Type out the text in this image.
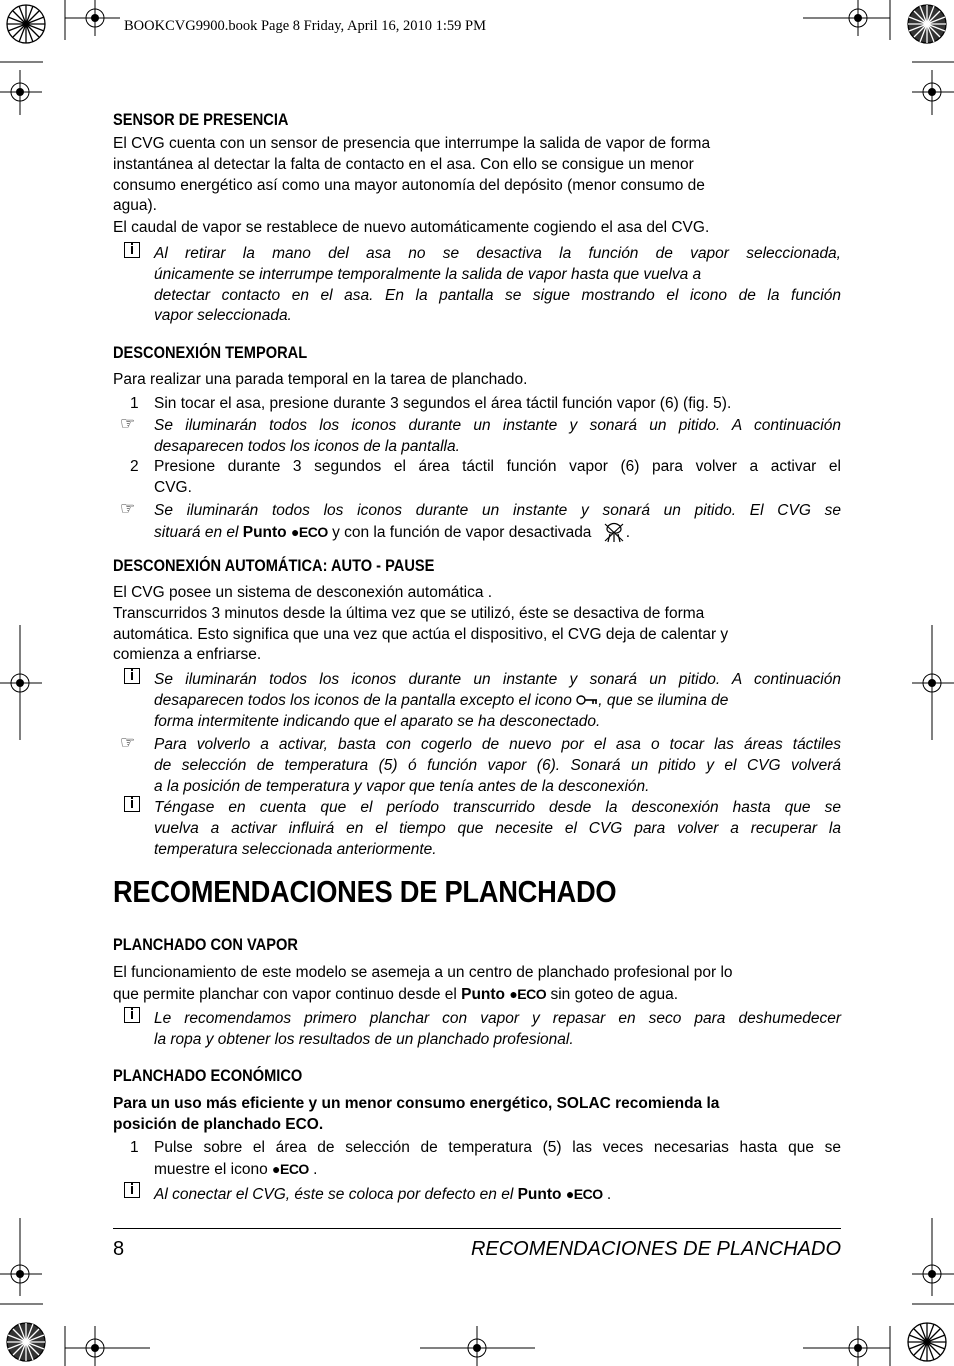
BOOKCVG9900.book Page 8 Friday, April 16, 2010 1:59 PM
SENSOR DE PRESENCIA
El CVG cuenta con un sensor de presencia que interrumpe la salida de vapor de forma
instantánea al detectar la falta de contacto en el asa. Con ello se consigue un menor
consumo energético así como una mayor autonomía del depósito (menor consumo de
agua).
El caudal de vapor se restablece de nuevo automáticamente cogiendo el asa del CVG.
Al retirar la mano del asa no se desactiva la función de vapor seleccionada,
únicamente se interrumpe temporalmente la salida de vapor hasta que vuelva a
detectar contacto en el asa. En la pantalla se sigue mostrando el icono de la función
vapor seleccionada.
DESCONEXIÓN TEMPORAL
Para realizar una parada temporal en la tarea de planchado.
1 Sin tocar el asa, presione durante 3 segundos el área táctil función vapor (6) (fig. 5).
☞ Se iluminarán todos los iconos durante un instante y sonará un pitido. A continuación
desaparecen todos los iconos de la pantalla.
2 Presione durante 3 segundos el área táctil función vapor (6) para volver a activar el
CVG.
☞ Se iluminarán todos los iconos durante un instante y sonará un pitido. El CVG se
situará en el Punto ●ECO y con la función de vapor desactivada .
DESCONEXIÓN AUTOMÁTICA: AUTO - PAUSE
El CVG posee un sistema de desconexión automática .
Transcurridos 3 minutos desde la última vez que se utilizó, éste se desactiva de forma
automática. Esto significa que una vez que actúa el dispositivo, el CVG deja de calentar y
comienza a enfriarse.
Se iluminarán todos los iconos durante un instante y sonará un pitido. A continuación
desaparecen todos los iconos de la pantalla excepto el icono , que se ilumina de
forma intermitente indicando que el aparato se ha desconectado.
☞ Para volverlo a activar, basta con cogerlo de nuevo por el asa o tocar las áreas táctiles
de selección de temperatura (5) ó función vapor (6). Sonará un pitido y el CVG volverá
a la posición de temperatura y vapor que tenía antes de la desconexión.
Téngase en cuenta que el período transcurrido desde la desconexión hasta que se
vuelva a activar influirá en el tiempo que necesite el CVG para volver a recuperar la
temperatura seleccionada anteriormente.
RECOMENDACIONES DE PLANCHADO
PLANCHADO CON VAPOR
El funcionamiento de este modelo se asemeja a un centro de planchado profesional por lo
que permite planchar con vapor continuo desde el Punto ●ECO sin goteo de agua.
Le recomendamos primero planchar con vapor y repasar en seco para deshumedecer
la ropa y obtener los resultados de un planchado profesional.
PLANCHADO ECONÓMICO
Para un uso más eficiente y un menor consumo energético, SOLAC recomienda la
posición de planchado ECO.
1 Pulse sobre el área de selección de temperatura (5) las veces necesarias hasta que se
muestre el icono ●ECO .
Al conectar el CVG, éste se coloca por defecto en el Punto ●ECO .
8	RECOMENDACIONES DE PLANCHADO
